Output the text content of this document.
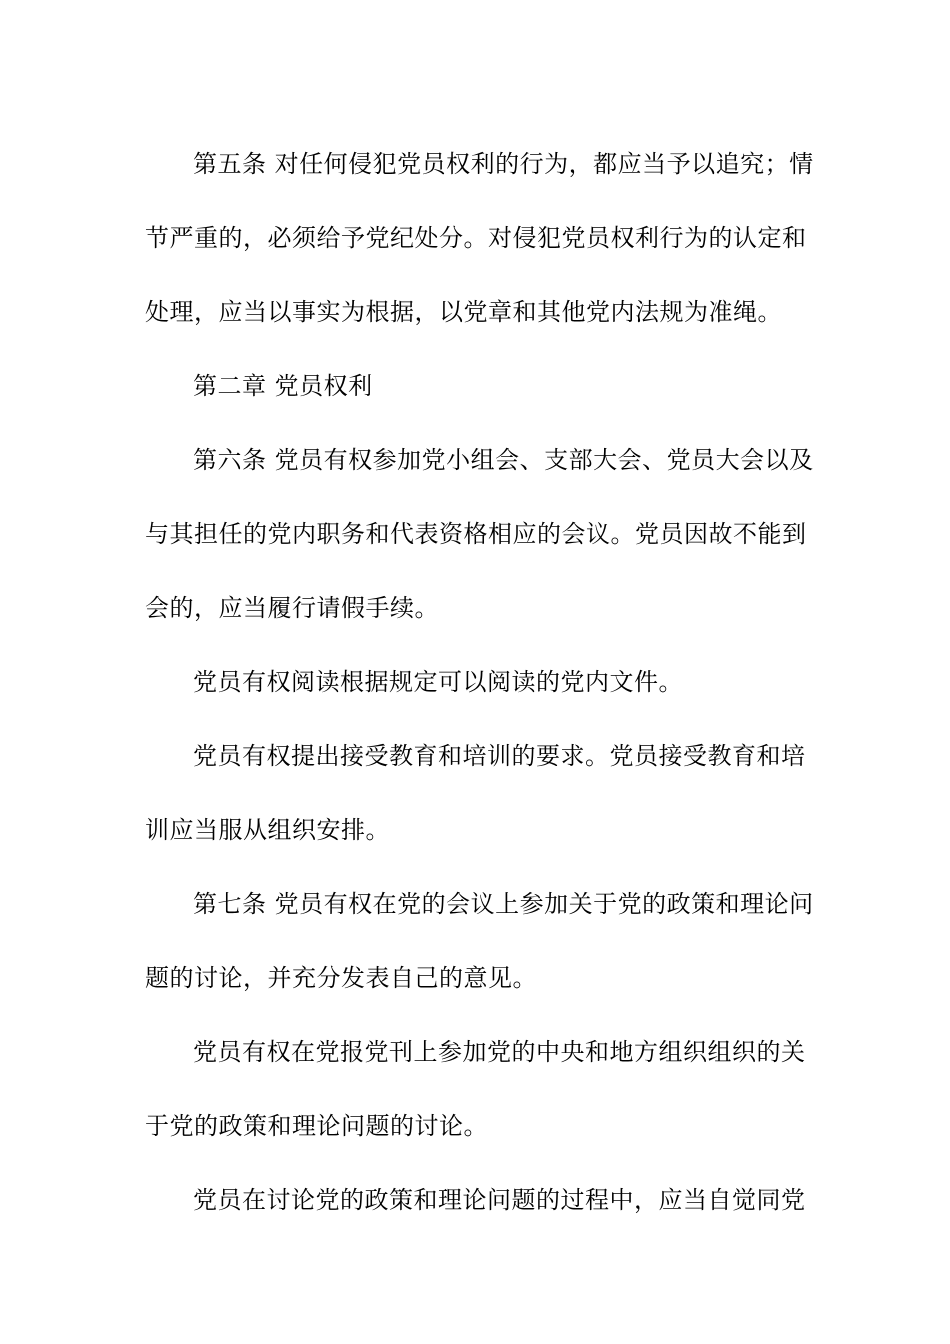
第五条 对任何侵犯党员权利的行为，都应当予以追究；情
节严重的，必须给予党纪处分。对侵犯党员权利行为的认定和
处理，应当以事实为根据，以党章和其他党内法规为准绳。

第二章 党员权利

第六条 党员有权参加党小组会、支部大会、党员大会以及
与其担任的党内职务和代表资格相应的会议。党员因故不能到
会的，应当履行请假手续。

党员有权阅读根据规定可以阅读的党内文件。

党员有权提出接受教育和培训的要求。党员接受教育和培
训应当服从组织安排。

第七条 党员有权在党的会议上参加关于党的政策和理论问
题的讨论，并充分发表自己的意见。

党员有权在党报党刊上参加党的中央和地方组织组织的关
于党的政策和理论问题的讨论。

党员在讨论党的政策和理论问题的过程中，应当自觉同党
